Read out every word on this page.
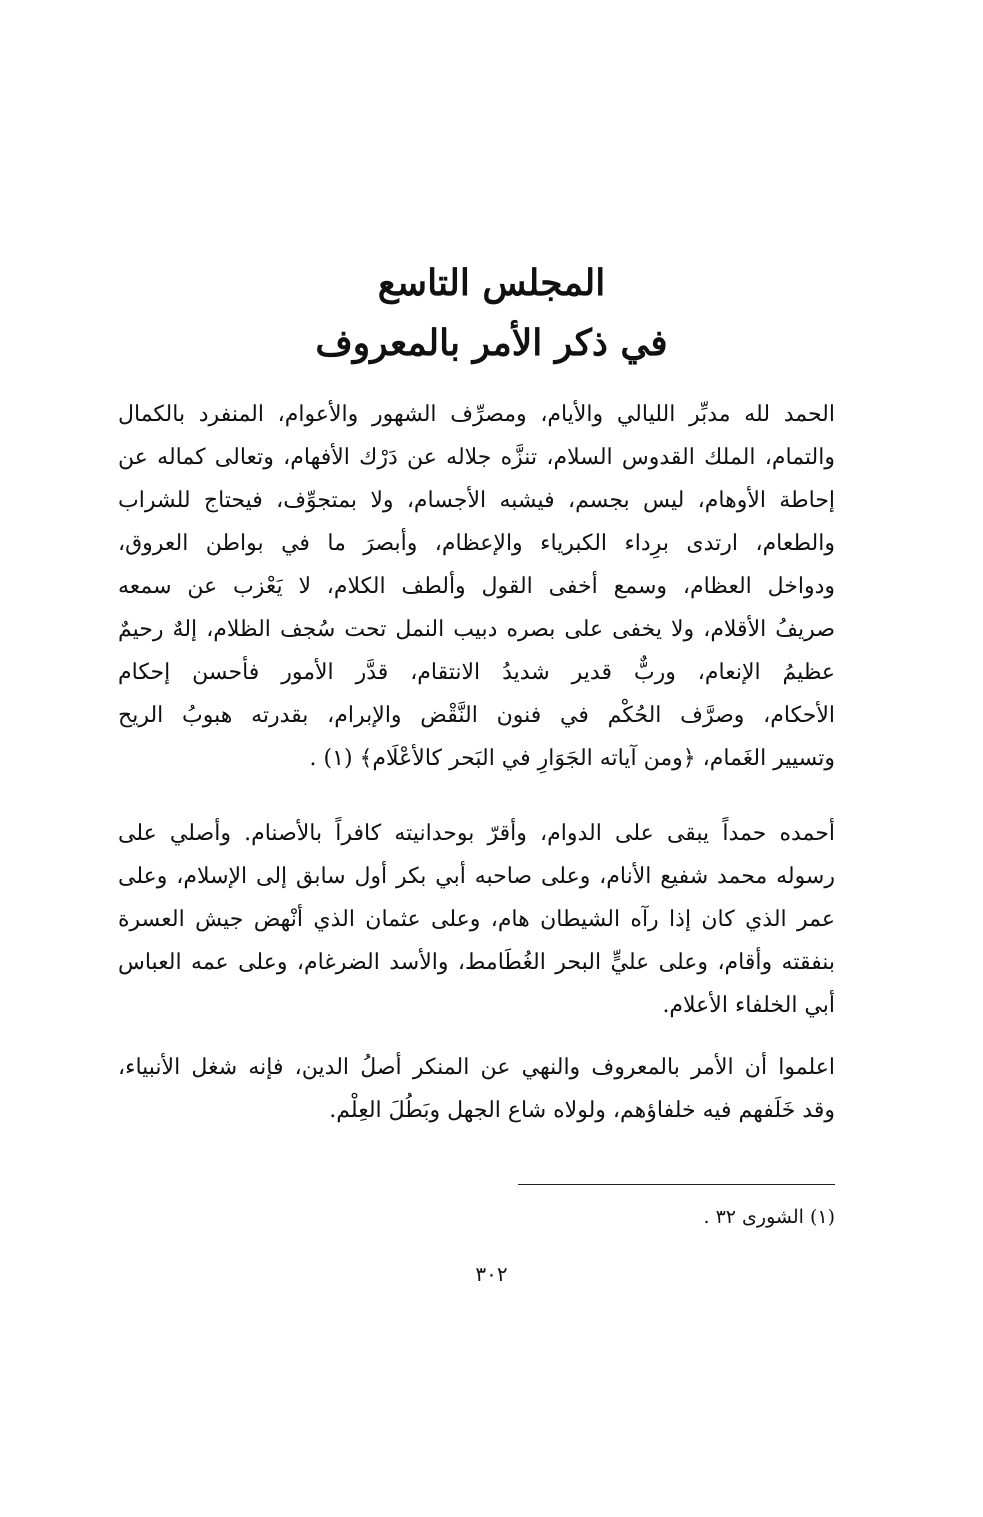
المجلس التاسع
في ذكر الأمر بالمعروف
الحمد لله مدبِّر الليالي والأيام، ومصرِّف الشهور والأعوام، المنفرد بالكمال
والتمام، الملك القدوس السلام، تنزَّه جلاله عن دَرْك الأفهام، وتعالى كماله عن
إحاطة الأوهام، ليس بجسم، فيشبه الأجسام، ولا بمتجوِّف، فيحتاج للشراب
والطعام، ارتدى برِداء الكبرياء والإعظام، وأبصرَ ما في بواطن العروق،
ودواخل العظام، وسمع أخفى القول وألطف الكلام، لا يَعْزب عن سمعه
صريفُ الأقلام، ولا يخفى على بصره دبيب النمل تحت سُجف الظلام، إلهٌ رحيمٌ
عظيمُ الإنعام، وربٌّ قدير شديدُ الانتقام، قدَّر الأمور فأحسن إحكام
الأحكام، وصرَّف الحُكْم في فنون النَّقْض والإبرام، بقدرته هبوبُ الريح
وتسيير الغَمام، ﴿ومن آياته الجَوَارِ في البَحر كالأعْلَام﴾ (١) .
أحمده حمداً يبقى على الدوام، وأقرّ بوحدانيته كافراً بالأصنام. وأصلي على
رسوله محمد شفيع الأنام، وعلى صاحبه أبي بكر أول سابق إلى الإسلام، وعلى
عمر الذي كان إذا رآه الشيطان هام، وعلى عثمان الذي أنْهض جيش العسرة
بنفقته وأقام، وعلى عليٍّ البحر الغُطَامط، والأسد الضرغام، وعلى عمه العباس
أبي الخلفاء الأعلام.
اعلموا أن الأمر بالمعروف والنهي عن المنكر أصلُ الدين، فإنه شغل الأنبياء،
وقد خَلَفهم فيه خلفاؤهم، ولولاه شاع الجهل وبَطُلَ العِلْم.
(١) الشورى ٣٢ .
٣٠٢
